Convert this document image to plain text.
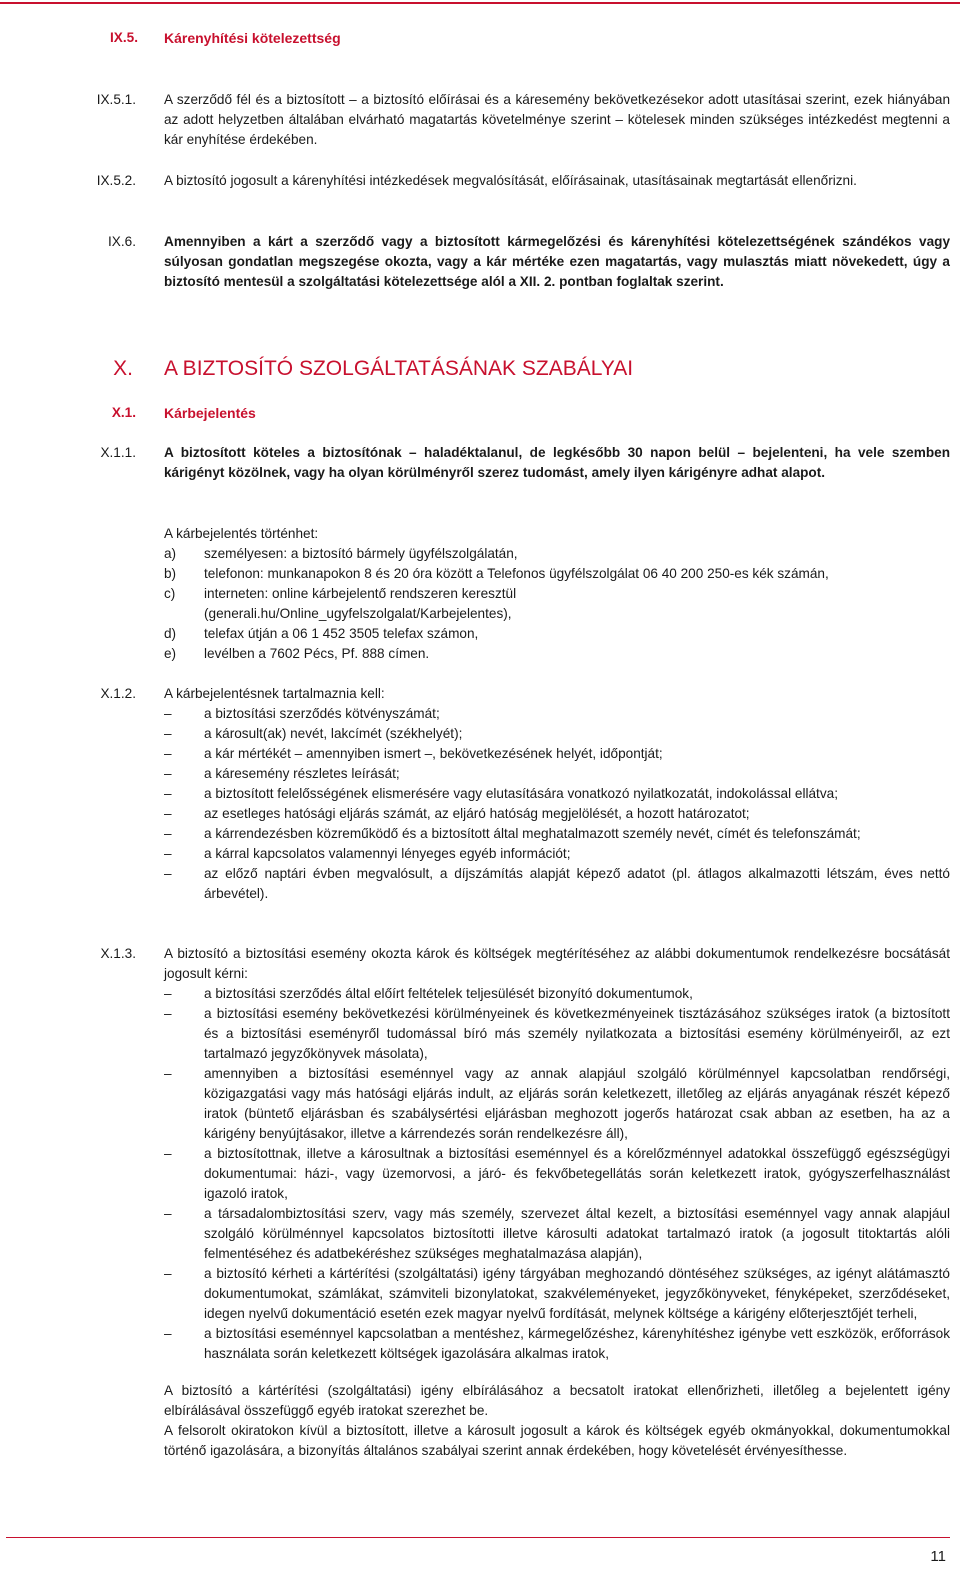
IX.5. Kárenyhítési kötelezettség
IX.5.1. A szerződő fél és a biztosított – a biztosító előírásai és a káresemény bekövetkezésekor adott utasításai szerint, ezek hiányában az adott helyzetben általában elvárható magatartás követelménye szerint – kötelesek minden szükséges intézkedést megtenni a kár enyhítése érdekében.
IX.5.2. A biztosító jogosult a kárenyhítési intézkedések megvalósítását, előírásainak, utasításainak megtartását ellenőrizni.
IX.6. Amennyiben a kárt a szerződő vagy a biztosított kármegelőzési és kárenyhítési kötelezettségének szándékos vagy súlyosan gondatlan megszegése okozta, vagy a kár mértéke ezen magatartás, vagy mulasztás miatt növekedett, úgy a biztosító mentesül a szolgáltatási kötelezettsége alól a XII. 2. pontban foglaltak szerint.
X. A BIZTOSÍTÓ SZOLGÁLTATÁSÁNAK SZABÁLYAI
X.1. Kárbejelentés
X.1.1. A biztosított köteles a biztosítónak – haladéktalanul, de legkésőbb 30 napon belül – bejelenteni, ha vele szemben kárigényt közölnek, vagy ha olyan körülményről szerez tudomást, amely ilyen kárigényre adhat alapot.
A kárbejelentés történhet:
a) személyesen: a biztosító bármely ügyfélszolgálatán,
b) telefonon: munkanapokon 8 és 20 óra között a Telefonos ügyfélszolgálat 06 40 200 250-es kék számán,
c) interneten: online kárbejelentő rendszeren keresztül
(generali.hu/Online_ugyfelszolgalat/Karbejelentes),
d) telefax útján a 06 1 452 3505 telefax számon,
e) levélben a 7602 Pécs, Pf. 888 címen.
X.1.2. A kárbejelentésnek tartalmaznia kell:
– a biztosítási szerződés kötvényszámát;
– a károsult(ak) nevét, lakcímét (székhelyét);
– a kár mértékét – amennyiben ismert –, bekövetkezésének helyét, időpontját;
– a káresemény részletes leírását;
– a biztosított felelősségének elismerésére vagy elutasítására vonatkozó nyilatkozatát, indokolással ellátva;
– az esetleges hatósági eljárás számát, az eljáró hatóság megjelölését, a hozott határozatot;
– a kárrendezésben közreműködő és a biztosított által meghatalmazott személy nevét, címét és telefonszámát;
– a kárral kapcsolatos valamennyi lényeges egyéb információt;
– az előző naptári évben megvalósult, a díjszámítás alapját képező adatot (pl. átlagos alkalmazotti létszám, éves nettó árbevétel).
X.1.3. A biztosító a biztosítási esemény okozta károk és költségek megtérítéséhez az alábbi dokumentumok rendelkezésre bocsátását jogosult kérni:
– a biztosítási szerződés által előírt feltételek teljesülését bizonyító dokumentumok,
– a biztosítási esemény bekövetkezési körülményeinek és következményeinek tisztázásához szükséges iratok (a biztosított és a biztosítási eseményről tudomással bíró más személy nyilatkozata a biztosítási esemény körülményeiről, az ezt tartalmazó jegyzőkönyvek másolata),
– amennyiben a biztosítási eseménnyel vagy az annak alapjául szolgáló körülménnyel kapcsolatban rendőrségi, közigazgatási vagy más hatósági eljárás indult, az eljárás során keletkezett, illetőleg az eljárás anyagának részét képező iratok (büntető eljárásban és szabálysértési eljárásban meghozott jogerős határozat csak abban az esetben, ha az a kárigény benyújtásakor, illetve a kárrendezés során rendelkezésre áll),
– a biztosítottnak, illetve a károsultnak a biztosítási eseménnyel és a kórelőzménnyel adatokkal összefüggő egészségügyi dokumentumai: házi-, vagy üzemorvosi, a járó- és fekvőbetegellátás során keletkezett iratok, gyógyszerfelhasználást igazoló iratok,
– a társadalombiztosítási szerv, vagy más személy, szervezet által kezelt, a biztosítási eseménnyel vagy annak alapjául szolgáló körülménnyel kapcsolatos biztosítotti illetve károsulti adatokat tartalmazó iratok (a jogosult titoktartás alóli felmentéséhez és adatbekéréshez szükséges meghatalmazása alapján),
– a biztosító kérheti a kártérítési (szolgáltatási) igény tárgyában meghozandó döntéséhez szükséges, az igényt alátámasztó dokumentumokat, számlákat, számviteli bizonylatokat, szakvéleményeket, jegyzőkönyveket, fényképeket, szerződéseket, idegen nyelvű dokumentáció esetén ezek magyar nyelvű fordítását, melynek költsége a kárigény előterjesztőjét terheli,
– a biztosítási eseménnyel kapcsolatban a mentéshez, kármegelőzéshez, kárenyhítéshez igénybe vett eszközök, erőforrások használata során keletkezett költségek igazolására alkalmas iratok,
A biztosító a kártérítési (szolgáltatási) igény elbírálásához a becsatolt iratokat ellenőrizheti, illetőleg a bejelentett igény elbírálásával összefüggő egyéb iratokat szerezhet be.
A felsorolt okiratokon kívül a biztosított, illetve a károsult jogosult a károk és költségek egyéb okmányokkal, dokumentumokkal történő igazolására, a bizonyítás általános szabályai szerint annak érdekében, hogy követelését érvényesíthesse.
11
